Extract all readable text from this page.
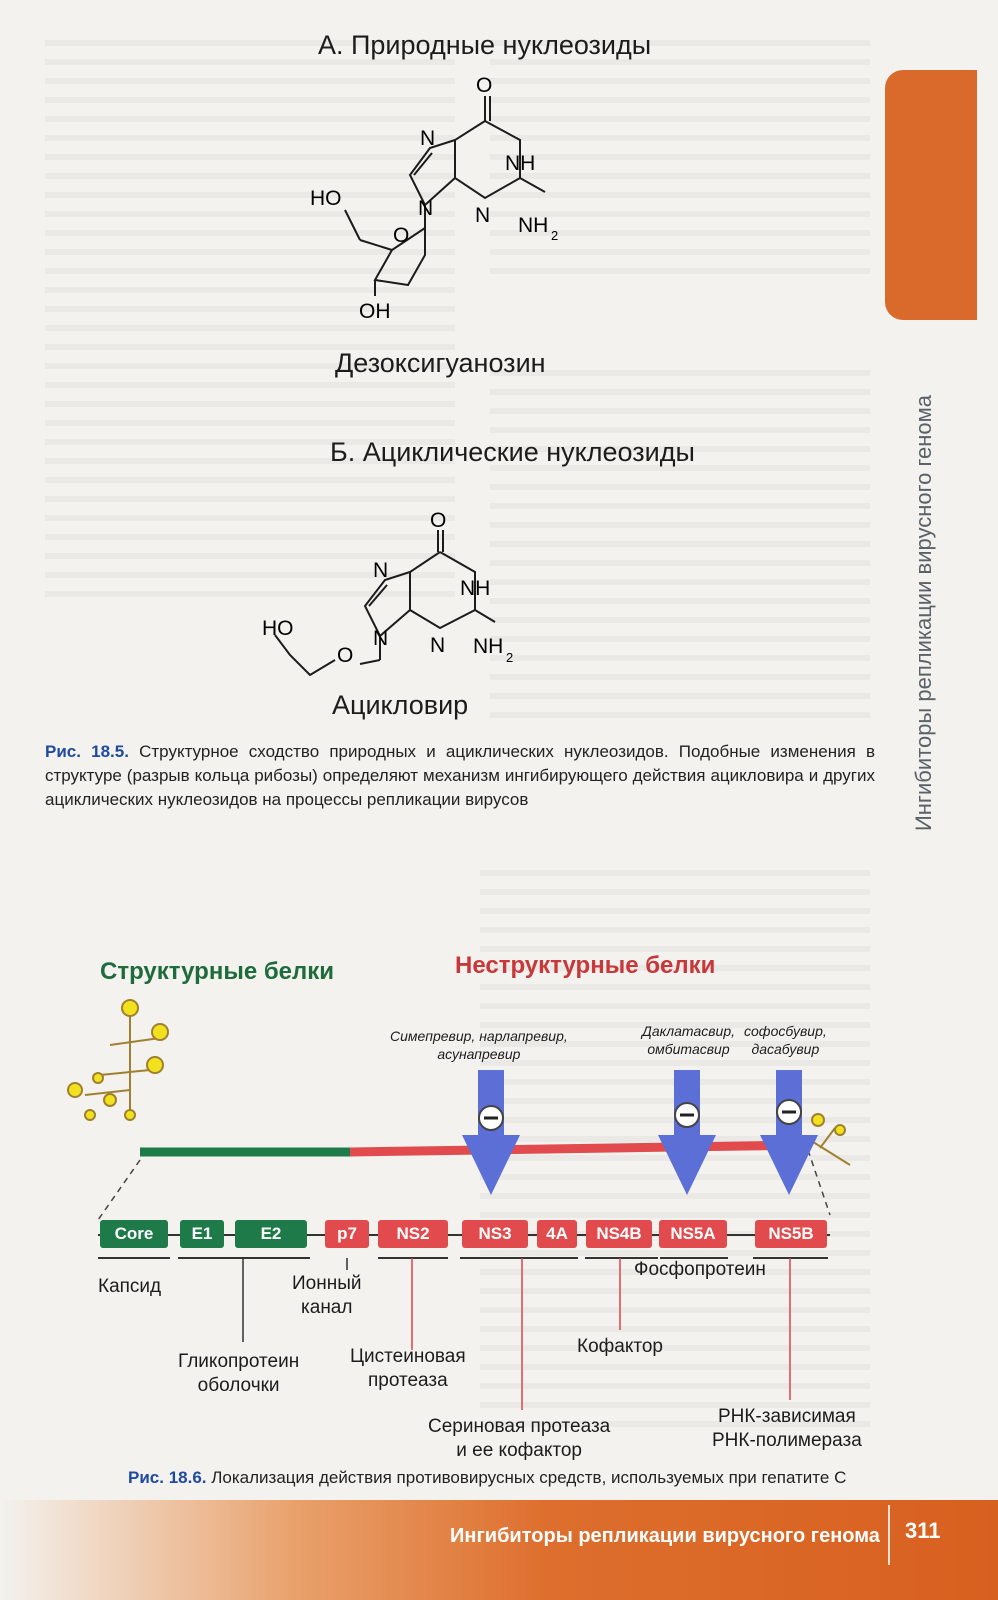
Ингибиторы репликации вирусного генома
А. Природные нуклеозиды
Дезоксигуанозин
Б. Ациклические нуклеозиды
Ацикловир
O
N
NH
N N NH 2
HO
O
OH
O
N
NH
N N NH 2
O
HO
Рис. 18.5. Структурное сходство природных и ациклических нуклеозидов. Подобные изменения в структуре (разрыв кольца рибозы) определяют механизм ингибирующего действия ацикловира и других ациклических нуклеозидов на процессы репликации вирусов
Структурные белки	Неструктурные белки
Симепревир, нарлапревир,
асунапревир
Даклатасвир,
омбитасвир
софосбувир,
дасабувир
Core	E1	E2	p7	NS2	NS3	4A	NS4B	NS5A	NS5B
Капсид	Ионный
канал
Гликопротеин
оболочки
Цистеиновая
протеаза
Сериновая протеаза
и ее кофактор
Кофактор
Фосфопротеин
РНК-зависимая
РНК-полимераза
Рис. 18.6. Локализация действия противовирусных средств, используемых при гепатите С
Ингибиторы репликации вирусного генома 311
